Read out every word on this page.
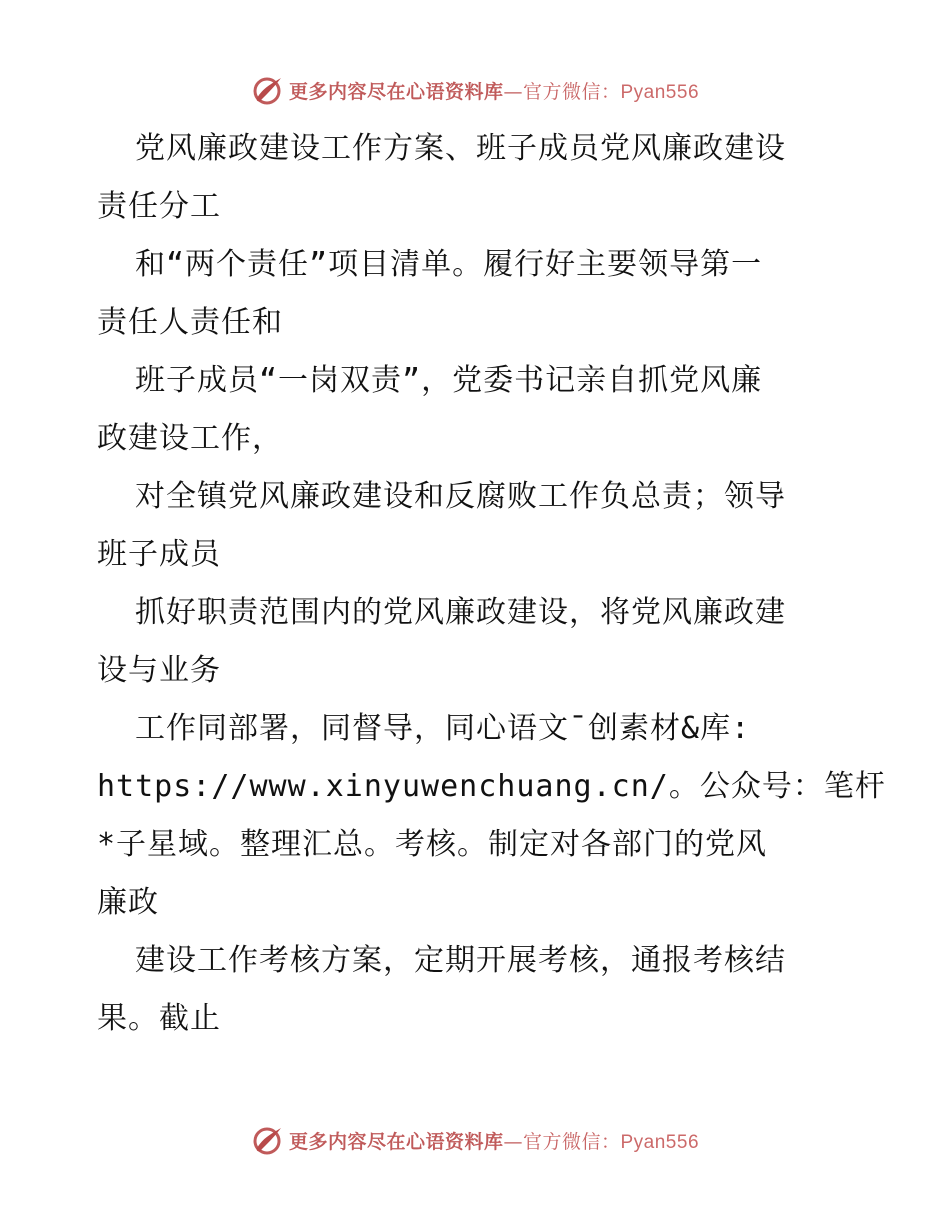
更多内容尽在心语资料库—官方微信：Pyan556
党风廉政建设工作方案、班子成员党风廉政建设
责任分工
和“两个责任”项目清单。履行好主要领导第一
责任人责任和
班子成员“一岗双责”，党委书记亲自抓党风廉
政建设工作，
对全镇党风廉政建设和反腐败工作负总责；领导
班子成员
抓好职责范围内的党风廉政建设，将党风廉政建
设与业务
工作同部署，同督导，同心语文¯创素材&库:
https://www.xinyuwenchuang.cn/。公众号：笔杆
*子星域。整理汇总。考核。制定对各部门的党风
廉政
建设工作考核方案，定期开展考核，通报考核结
果。截止
更多内容尽在心语资料库—官方微信：Pyan556
